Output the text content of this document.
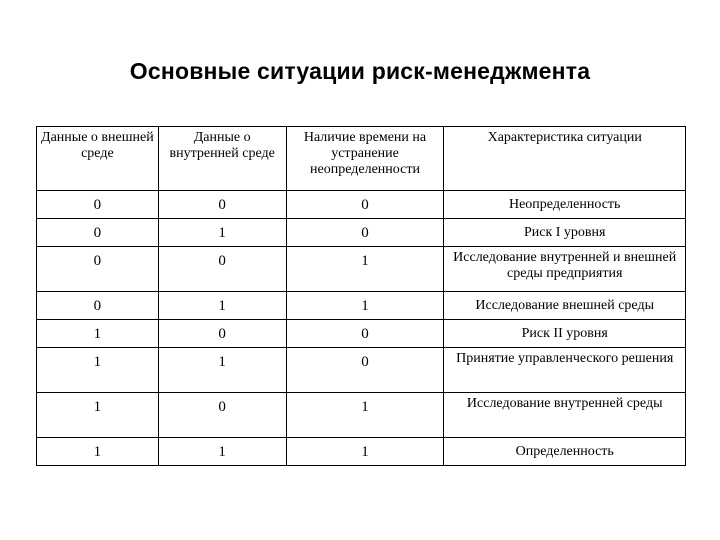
Основные ситуации риск-менеджмента
Данные о внешней среде	Данные о внутренней среде	Наличие времени на устранение неопределенности	Характеристика ситуации
0	0	0	Неопределенность
0	1	0	Риск I уровня
0	0	1	Исследование внутренней и внешней среды предприятия
0	1	1	Исследование внешней среды
1	0	0	Риск II уровня
1	1	0	Принятие управленческого решения
1	0	1	Исследование внутренней среды
1	1	1	Определенность
